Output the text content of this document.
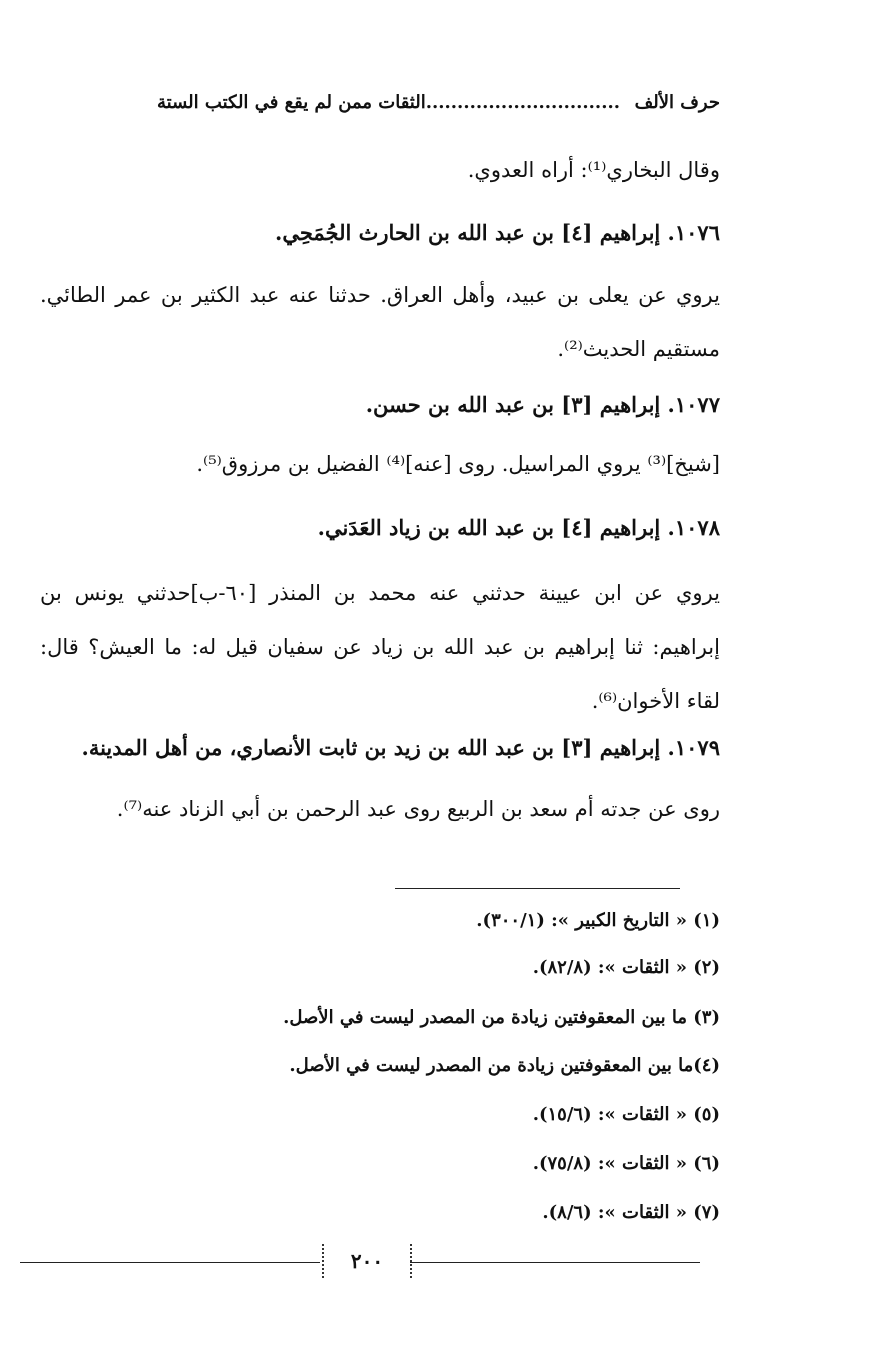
حرف الألف
...............................الثقات ممن لم يقع في الكتب الستة
وقال البخاري⁽¹⁾: أراه العدوي.
١٠٧٦. إبراهيم [٤] بن عبد الله بن الحارث الجُمَحِي.
يروي عن يعلى بن عبيد، وأهل العراق. حدثنا عنه عبد الكثير بن عمر الطائي. مستقيم الحديث⁽²⁾.
١٠٧٧. إبراهيم [٣] بن عبد الله بن حسن.
[شيخ]⁽³⁾ يروي المراسيل. روى [عنه]⁽⁴⁾ الفضيل بن مرزوق⁽⁵⁾.
١٠٧٨. إبراهيم [٤] بن عبد الله بن زياد العَدَني.
يروي عن ابن عيينة حدثني عنه محمد بن المنذر [٦٠-ب]حدثني يونس بن إبراهيم: ثنا إبراهيم بن عبد الله بن زياد عن سفيان قيل له: ما العيش؟ قال: لقاء الأخوان⁽⁶⁾.
١٠٧٩. إبراهيم [٣] بن عبد الله بن زيد بن ثابت الأنصاري، من أهل المدينة.
روى عن جدته أم سعد بن الربيع روى عبد الرحمن بن أبي الزناد عنه⁽⁷⁾.
(١) « التاريخ الكبير »: (٣٠٠/١).
(٢) « الثقات »: (٨٢/٨).
(٣) ما بين المعقوفتين زيادة من المصدر ليست في الأصل.
(٤)ما بين المعقوفتين زيادة من المصدر ليست في الأصل.
(٥) « الثقات »: (١٥/٦).
(٦) « الثقات »: (٧٥/٨).
(٧) « الثقات »: (٨/٦).
٢٠٠
